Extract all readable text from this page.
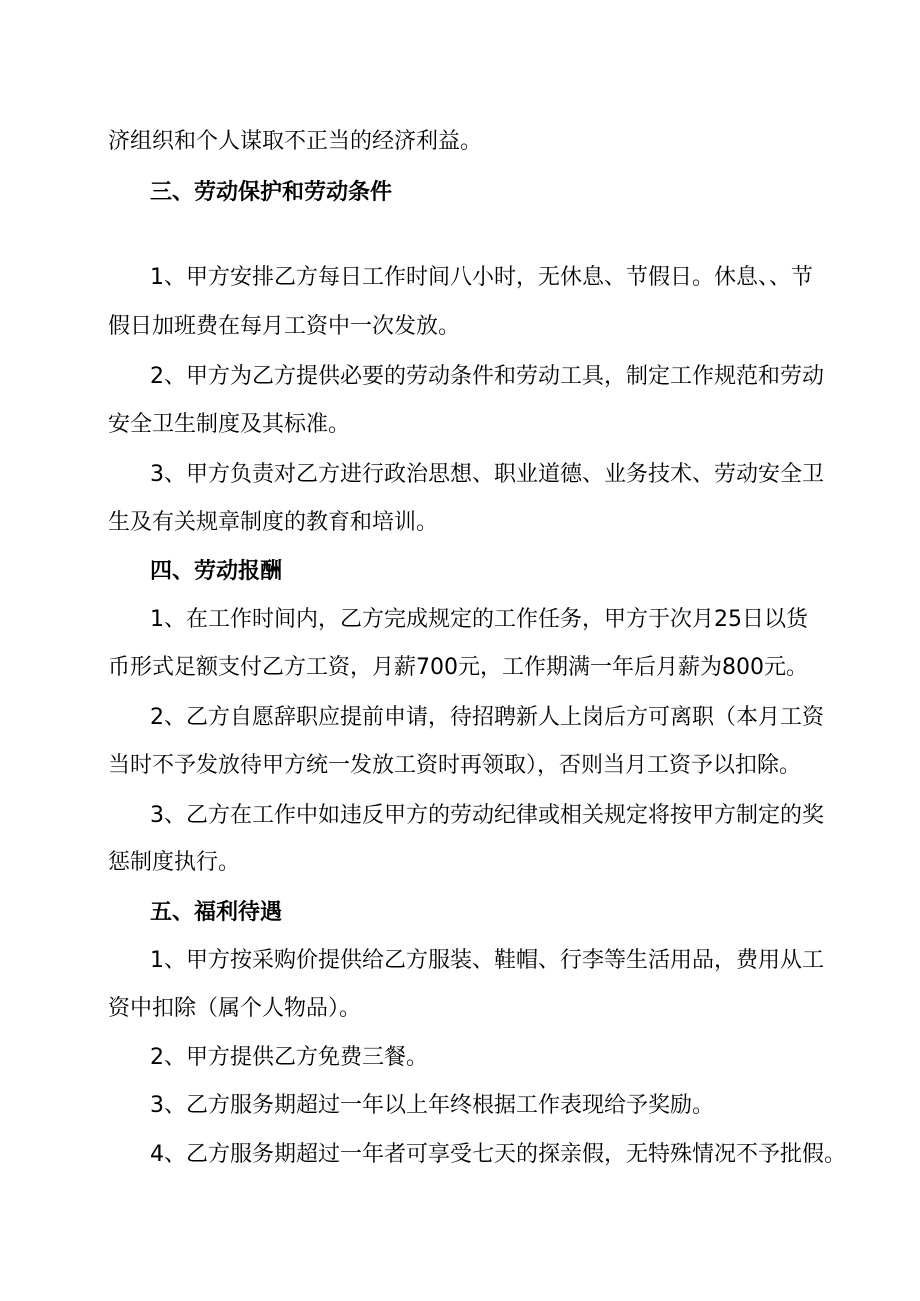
济组织和个人谋取不正当的经济利益。

三、劳动保护和劳动条件

1、甲方安排乙方每日工作时间八小时，无休息、节假日。休息、、节

假日加班费在每月工资中一次发放。

2、甲方为乙方提供必要的劳动条件和劳动工具，制定工作规范和劳动

安全卫生制度及其标准。

3、甲方负责对乙方进行政治思想、职业道德、业务技术、劳动安全卫

生及有关规章制度的教育和培训。

四、劳动报酬

1、在工作时间内，乙方完成规定的工作任务，甲方于次月25日以货

币形式足额支付乙方工资，月薪700元，工作期满一年后月薪为800元。

2、乙方自愿辞职应提前申请，待招聘新人上岗后方可离职（本月工资

当时不予发放待甲方统一发放工资时再领取），否则当月工资予以扣除。

3、乙方在工作中如违反甲方的劳动纪律或相关规定将按甲方制定的奖

惩制度执行。

五、福利待遇

1、甲方按采购价提供给乙方服装、鞋帽、行李等生活用品，费用从工

资中扣除（属个人物品）。

2、甲方提供乙方免费三餐。

3、乙方服务期超过一年以上年终根据工作表现给予奖励。

4、乙方服务期超过一年者可享受七天的探亲假，无特殊情况不予批假。
